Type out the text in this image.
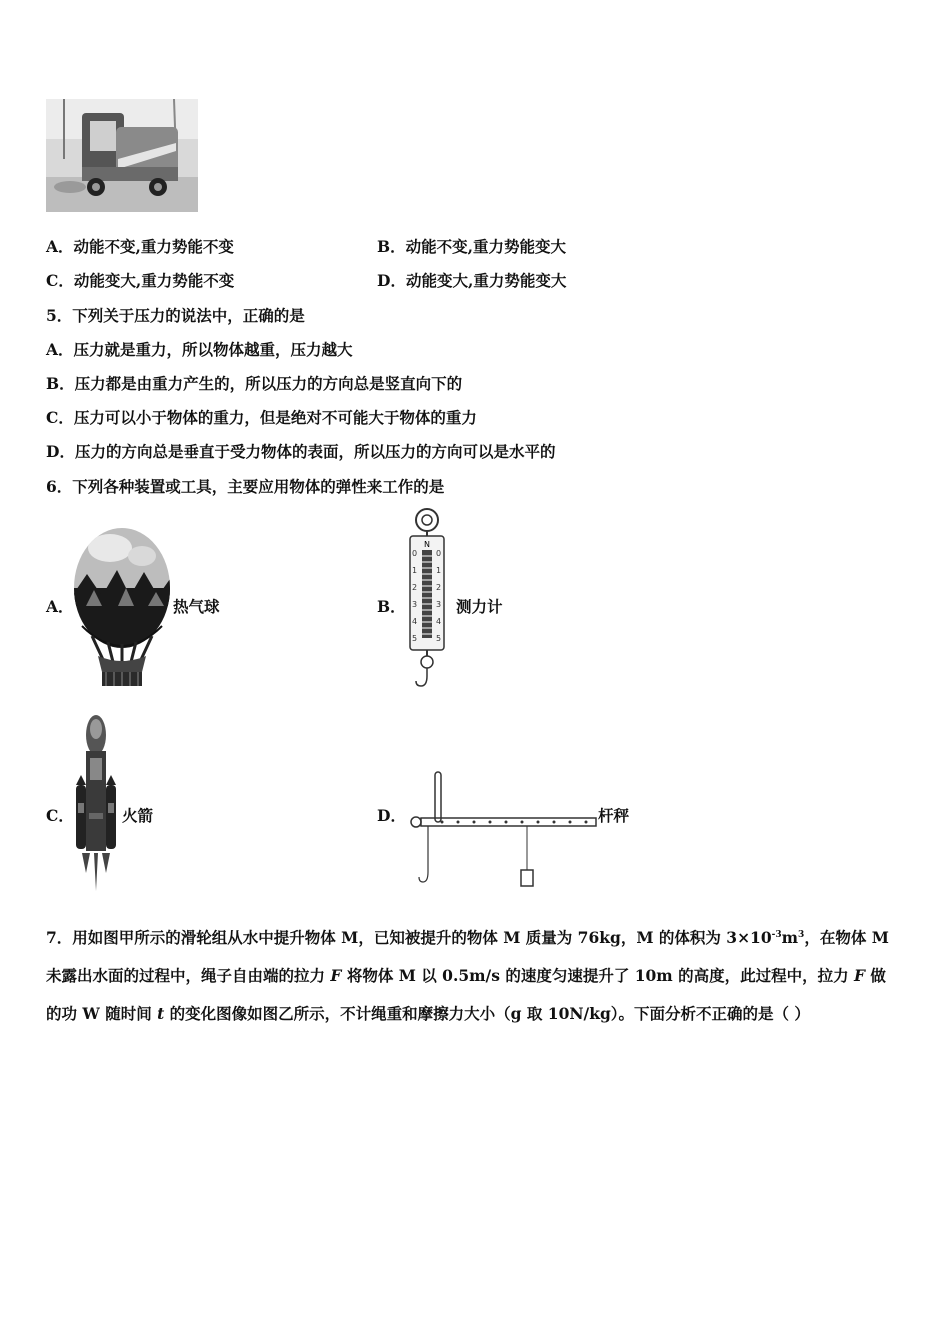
A．动能不变,重力势能不变	B．动能不变,重力势能变大
C．动能变大,重力势能不变	D．动能变大,重力势能变大
5．下列关于压力的说法中，正确的是
A．压力就是重力，所以物体越重，压力越大
B．压力都是由重力产生的，所以压力的方向总是竖直向下的
C．压力可以小于物体的重力，但是绝对不可能大于物体的重力
D．压力的方向总是垂直于受力物体的表面，所以压力的方向可以是水平的
6．下列各种装置或工具，主要应用物体的弹性来工作的是
A．	热气球	B．
N
0
1
2
3
4
5
0
1
2
3
4
5
测力计
C．	火箭	D．	杆秤
7．用如图甲所示的滑轮组从水中提升物体 M，已知被提升的物体 M 质量为 76kg，M 的体积为 $3\times 10^{-3}m^3$，在物体 M
未露出水面的过程中，绳子自由端的拉力 F 将物体 M 以 0.5m/s 的速度匀速提升了 10m 的高度，此过程中，拉力 F 做
的功 W 随时间 t 的变化图像如图乙所示，不计绳重和摩擦力大小（g 取 10N/kg）。下面分析不正确的是（ ）
